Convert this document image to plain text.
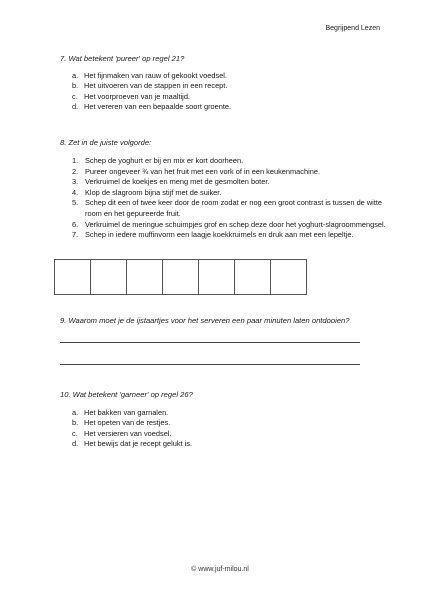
Begrijpend Lezen
7. Wat betekent 'pureer' op regel 21?
a. Het fijnmaken van rauw of gekookt voedsel.
b. Het uitvoeren van de stappen in een recept.
c. Het voorproeven van je maaltijd.
d. Het vereren van een bepaalde soort groente.
8. Zet in de juiste volgorde:
1. Schep de yoghurt er bij en mix er kort doorheen.
2. Pureer ongeveer ¾ van het fruit met een vork of in een keukenmachine.
3. Verkruimel de koekjes en meng met de gesmolten boter.
4. Klop de slagroom bijna stijf met de suiker.
5. Schep dit een of twee keer door de room zodat er nog een groot contrast is tussen de witte room en het gepureerde fruit.
6. Verkruimel de meringue schuimpjes grof en schep deze door het yoghurt-slagroommengsel.
7. Schep in iedere muffinvorm een laagje koekkruimels en druk aan met een lepeltje.
9. Waarom moet je de ijstaartjes voor het serveren een paar minuten laten ontdooien?
10. Wat betekent 'garneer' op regel 26?
a. Het bakken van garnalen.
b. Het opeten van de restjes.
c. Het versieren van voedsel.
d. Het bewijs dat je recept gelukt is.
© www.juf-milou.nl
